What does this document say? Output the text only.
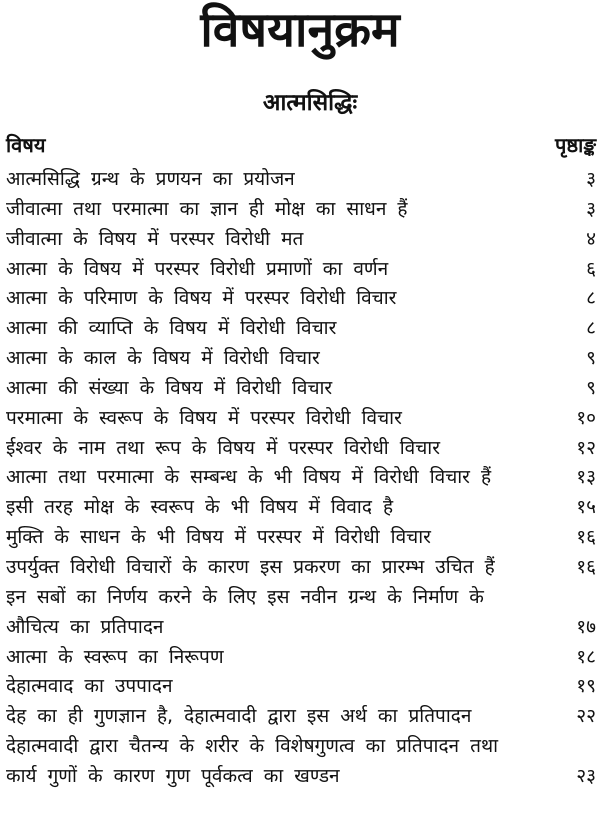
विषयानुक्रम
आत्मसिद्धिः
विषय	पृष्ठाङ्क
आत्मसिद्धि ग्रन्थ के प्रणयन का प्रयोजन	३
जीवात्मा तथा परमात्मा का ज्ञान ही मोक्ष का साधन हैं	३
जीवात्मा के विषय में परस्पर विरोधी मत	४
आत्मा के विषय में परस्पर विरोधी प्रमाणों का वर्णन	६
आत्मा के परिमाण के विषय में परस्पर विरोधी विचार	८
आत्मा की व्याप्ति के विषय में विरोधी विचार	८
आत्मा के काल के विषय में विरोधी विचार	९
आत्मा की संख्या के विषय में विरोधी विचार	९
परमात्मा के स्वरूप के विषय में परस्पर विरोधी विचार	१०
ईश्वर के नाम तथा रूप के विषय में परस्पर विरोधी विचार	१२
आत्मा तथा परमात्मा के सम्बन्ध के भी विषय में विरोधी विचार हैं	१३
इसी तरह मोक्ष के स्वरूप के भी विषय में विवाद है	१५
मुक्ति के साधन के भी विषय में परस्पर में विरोधी विचार	१६
उपर्युक्त विरोधी विचारों के कारण इस प्रकरण का प्रारम्भ उचित हैं	१६
इन सबों का निर्णय करने के लिए इस नवीन ग्रन्थ के निर्माण के
औचित्य का प्रतिपादन	१७
आत्मा के स्वरूप का निरूपण	१८
देहात्मवाद का उपपादन	१९
देह का ही गुणज्ञान है, देहात्मवादी द्वारा इस अर्थ का प्रतिपादन	२२
देहात्मवादी द्वारा चैतन्य के शरीर के विशेषगुणत्व का प्रतिपादन तथा
कार्य गुणों के कारण गुण पूर्वकत्व का खण्डन	२३
